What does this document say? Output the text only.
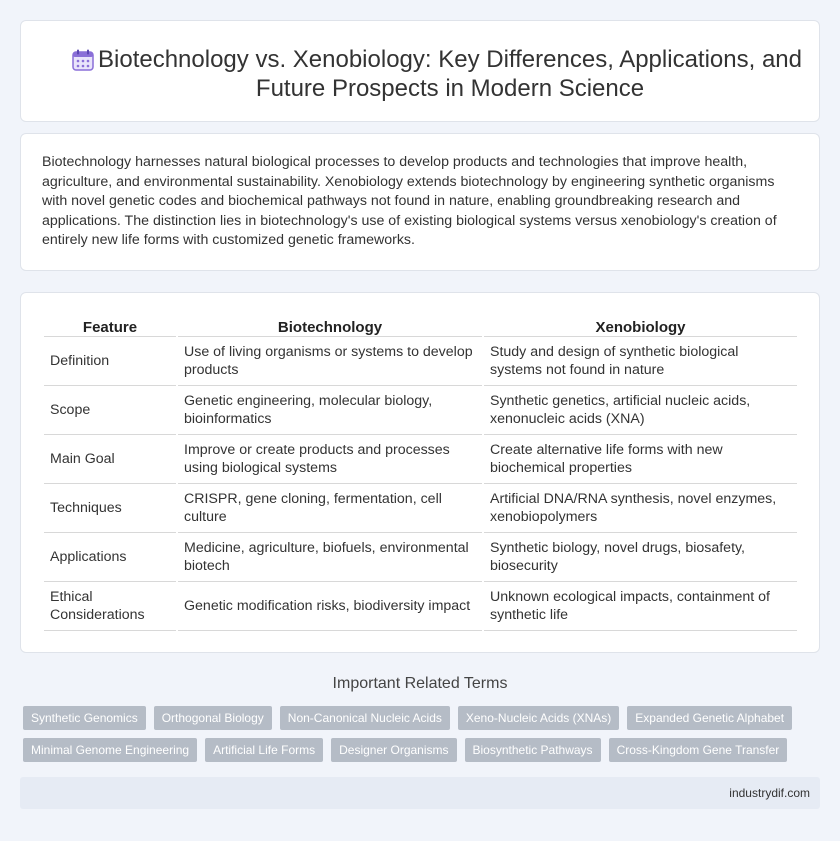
Biotechnology vs. Xenobiology: Key Differences, Applications, and Future Prospects in Modern Science

Biotechnology harnesses natural biological processes to develop products and technologies that improve health, agriculture, and environmental sustainability. Xenobiology extends biotechnology by engineering synthetic organisms with novel genetic codes and biochemical pathways not found in nature, enabling groundbreaking research and applications. The distinction lies in biotechnology's use of existing biological systems versus xenobiology's creation of entirely new life forms with customized genetic frameworks.

Feature	Biotechnology	Xenobiology
Definition	Use of living organisms or systems to develop products	Study and design of synthetic biological systems not found in nature
Scope	Genetic engineering, molecular biology, bioinformatics	Synthetic genetics, artificial nucleic acids, xenonucleic acids (XNA)
Main Goal	Improve or create products and processes using biological systems	Create alternative life forms with new biochemical properties
Techniques	CRISPR, gene cloning, fermentation, cell culture	Artificial DNA/RNA synthesis, novel enzymes, xenobiopolymers
Applications	Medicine, agriculture, biofuels, environmental biotech	Synthetic biology, novel drugs, biosafety, biosecurity
Ethical Considerations	Genetic modification risks, biodiversity impact	Unknown ecological impacts, containment of synthetic life
Important Related Terms
Synthetic Genomics	Orthogonal Biology	Non-Canonical Nucleic Acids	Xeno-Nucleic Acids (XNAs)	Expanded Genetic Alphabet
Minimal Genome Engineering	Artificial Life Forms	Designer Organisms	Biosynthetic Pathways	Cross-Kingdom Gene Transfer
industrydif.com
